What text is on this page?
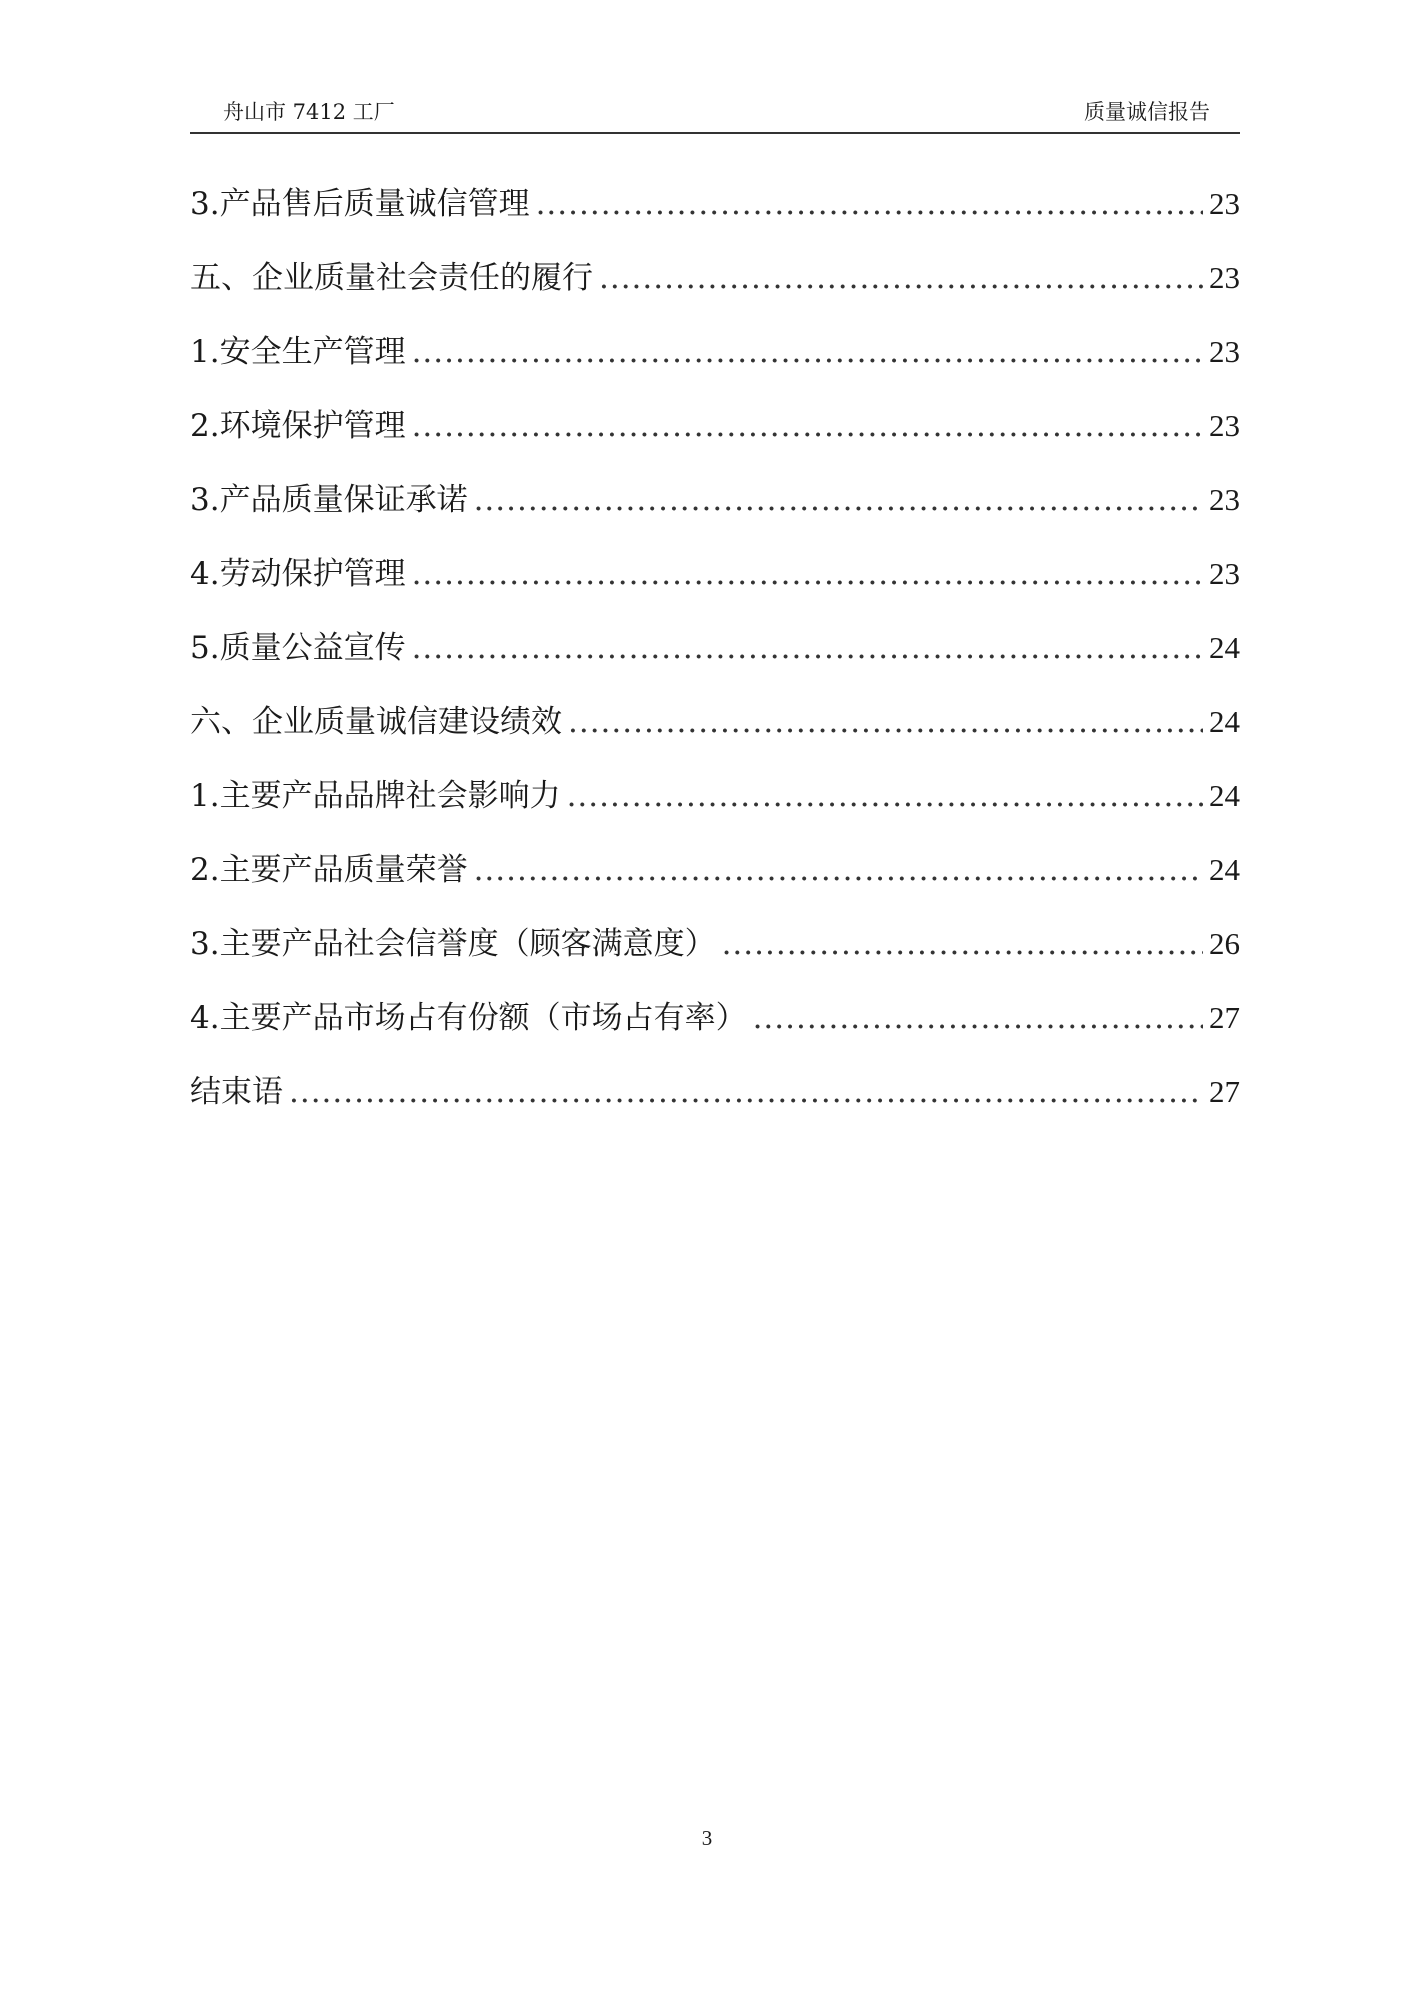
舟山市 7412 工厂	质量诚信报告
3.产品售后质量诚信管理 .....	23
五、企业质量社会责任的履行 .....	23
1.安全生产管理 .....	23
2.环境保护管理 .....	23
3.产品质量保证承诺 .....	23
4.劳动保护管理 .....	23
5.质量公益宣传 .....	24
六、企业质量诚信建设绩效 .....	24
1.主要产品品牌社会影响力 .....	24
2.主要产品质量荣誉 .....	24
3.主要产品社会信誉度（顾客满意度） .....	26
4.主要产品市场占有份额（市场占有率） .....	27
结束语 .....	27
3
